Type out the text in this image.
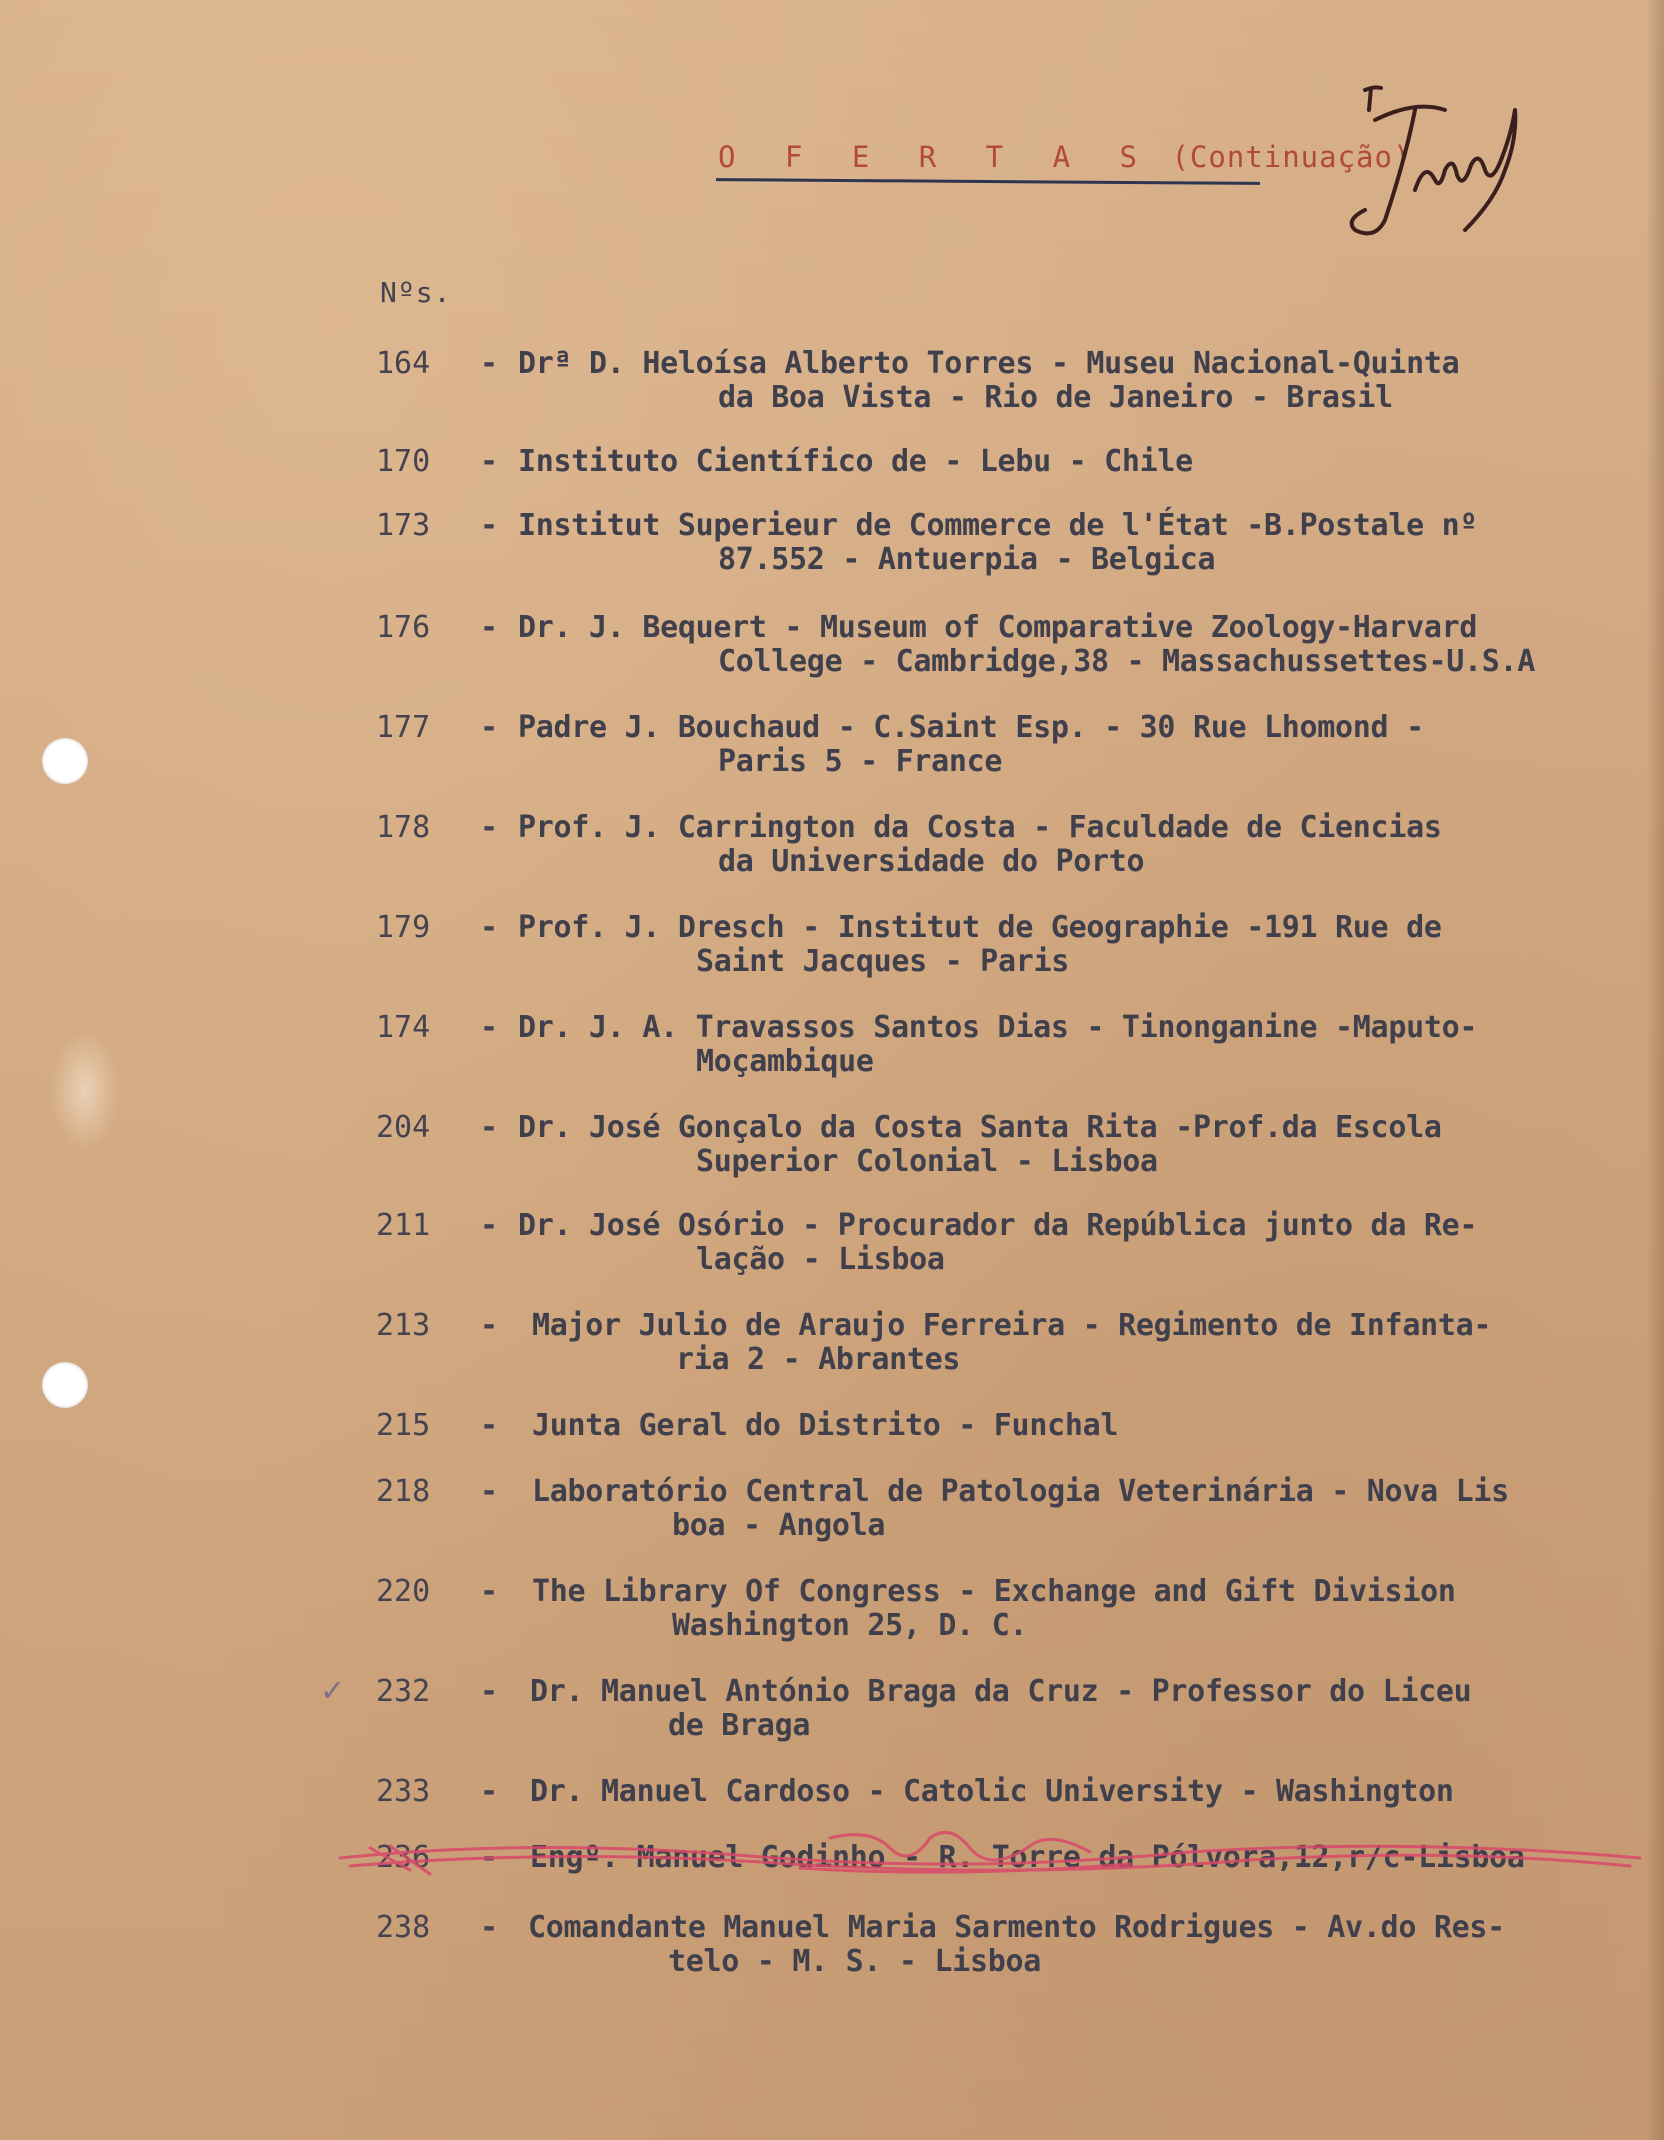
O F E R T A S (Continuação)
Nºs.
164 - Drª D. Heloísa Alberto Torres - Museu Nacional-Quinta
da Boa Vista - Rio de Janeiro - Brasil
170 - Instituto Científico de - Lebu - Chile
173 - Institut Superieur de Commerce de l'État -B.Postale nº
87.552 - Antuerpia - Belgica
176 - Dr. J. Bequert - Museum of Comparative Zoology-Harvard
College - Cambridge,38 - Massachussettes-U.S.A
177 - Padre J. Bouchaud - C.Saint Esp. - 30 Rue Lhomond -
Paris 5 - France
178 - Prof. J. Carrington da Costa - Faculdade de Ciencias
da Universidade do Porto
179 - Prof. J. Dresch - Institut de Geographie -191 Rue de
Saint Jacques - Paris
174 - Dr. J. A. Travassos Santos Dias - Tinonganine -Maputo-
Moçambique
204 - Dr. José Gonçalo da Costa Santa Rita -Prof.da Escola
Superior Colonial - Lisboa
211 - Dr. José Osório - Procurador da República junto da Re-
lação - Lisboa
213 - Major Julio de Araujo Ferreira - Regimento de Infanta-
ria 2 - Abrantes
215 - Junta Geral do Distrito - Funchal
218 - Laboratório Central de Patologia Veterinária - Nova Lis
boa - Angola
220 - The Library Of Congress - Exchange and Gift Division
Washington 25, D. C.
✓ 232 - Dr. Manuel António Braga da Cruz - Professor do Liceu
de Braga
233 - Dr. Manuel Cardoso - Catolic University - Washington
236 - Engº. Manuel Godinho - R. Torre da Pólvora,12,r/c-Lisboa
238 - Comandante Manuel Maria Sarmento Rodrigues - Av.do Res-
telo - M. S. - Lisboa
